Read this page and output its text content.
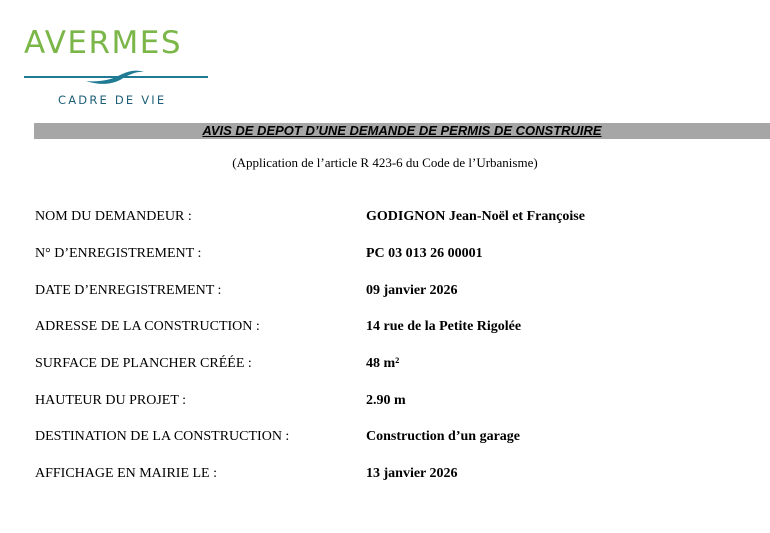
AVERMES
CADRE DE VIE
AVIS DE DEPOT D’UNE DEMANDE DE PERMIS DE CONSTRUIRE
(Application de l’article R 423-6 du Code de l’Urbanisme)
NOM DU DEMANDEUR :	GODIGNON Jean-Noël et Françoise
N° D’ENREGISTREMENT :	PC 03 013 26 00001
DATE D’ENREGISTREMENT :	09 janvier 2026
ADRESSE DE LA CONSTRUCTION :	14 rue de la Petite Rigolée
SURFACE DE PLANCHER CRÉÉE :	48 m²
HAUTEUR DU PROJET :	2.90 m
DESTINATION DE LA CONSTRUCTION :	Construction d’un garage
AFFICHAGE EN MAIRIE LE :	13 janvier 2026
